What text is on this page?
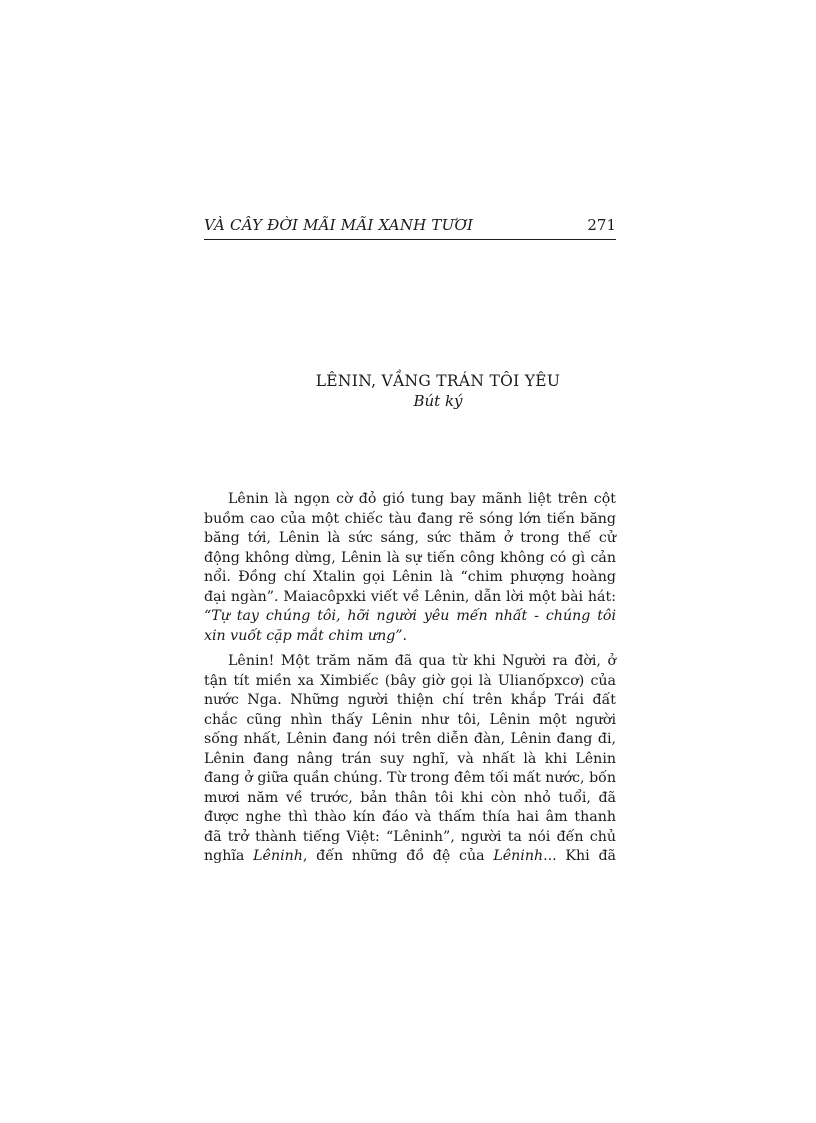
VÀ CÂY ĐỜI MÃI MÃI XANH TƯƠI	271
LÊNIN, VẦNG TRÁN TÔI YÊU
Bút ký
Lênin là ngọn cờ đỏ gió tung bay mãnh liệt trên cột
buồm cao của một chiếc tàu đang rẽ sóng lớn tiến băng
băng tới, Lênin là sức sáng, sức thăm ở trong thế cử
động không dừng, Lênin là sự tiến công không có gì cản
nổi. Đồng chí Xtalin gọi Lênin là “chim phượng hoàng
đại ngàn”. Maiacôpxki viết về Lênin, dẫn lời một bài hát:
“Tự tay chúng tôi, hỡi người yêu mến nhất - chúng tôi
xin vuốt cặp mắt chim ưng”.
Lênin! Một trăm năm đã qua từ khi Người ra đời, ở
tận tít miền xa Ximbiếc (bây giờ gọi là Ulianốpxcơ) của
nước Nga. Những người thiện chí trên khắp Trái đất
chắc cũng nhìn thấy Lênin như tôi, Lênin một người
sống nhất, Lênin đang nói trên diễn đàn, Lênin đang đi,
Lênin đang nâng trán suy nghĩ, và nhất là khi Lênin
đang ở giữa quần chúng. Từ trong đêm tối mất nước, bốn
mươi năm về trước, bản thân tôi khi còn nhỏ tuổi, đã
được nghe thì thào kín đáo và thấm thía hai âm thanh
đã trở thành tiếng Việt: “Lêninh”, người ta nói đến chủ
nghĩa Lêninh, đến những đồ đệ của Lêninh... Khi đã
